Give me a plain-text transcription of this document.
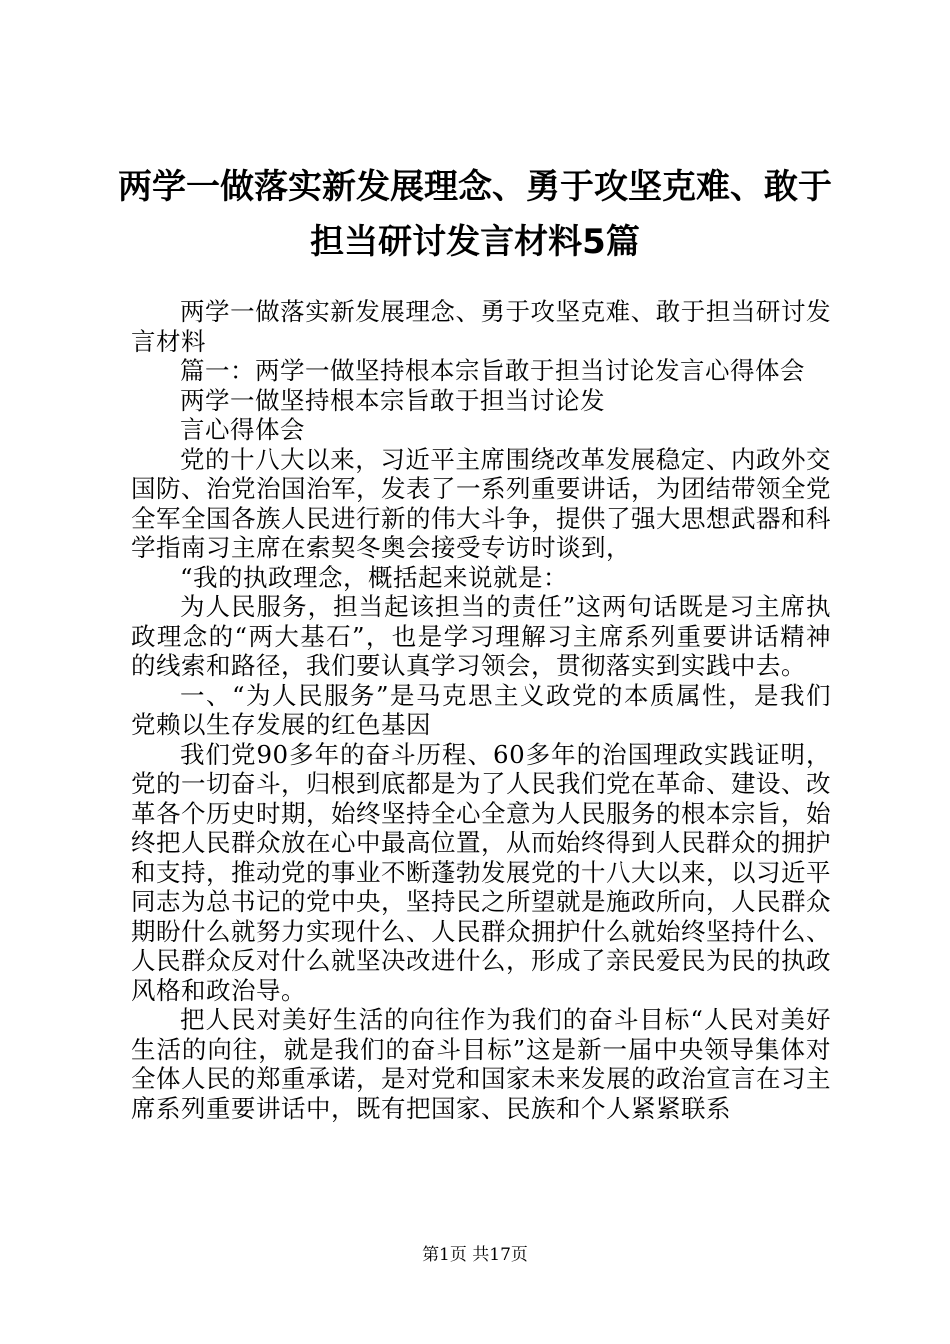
两学一做落实新发展理念、勇于攻坚克难、敢于担当研讨发言材料5篇

两学一做落实新发展理念、勇于攻坚克难、敢于担当研讨发言材料

篇一：两学一做坚持根本宗旨敢于担当讨论发言心得体会

两学一做坚持根本宗旨敢于担当讨论发

言心得体会

党的十八大以来，习近平主席围绕改革发展稳定、内政外交国防、治党治国治军，发表了一系列重要讲话，为团结带领全党全军全国各族人民进行新的伟大斗争，提供了强大思想武器和科学指南习主席在索契冬奥会接受专访时谈到，

“我的执政理念，概括起来说就是：

为人民服务，担当起该担当的责任”这两句话既是习主席执政理念的“两大基石”，也是学习理解习主席系列重要讲话精神的线索和路径，我们要认真学习领会，贯彻落实到实践中去。

一、“为人民服务”是马克思主义政党的本质属性，是我们党赖以生存发展的红色基因

我们党90多年的奋斗历程、60多年的治国理政实践证明，党的一切奋斗，归根到底都是为了人民我们党在革命、建设、改革各个历史时期，始终坚持全心全意为人民服务的根本宗旨，始终把人民群众放在心中最高位置，从而始终得到人民群众的拥护和支持，推动党的事业不断蓬勃发展党的十八大以来，以习近平同志为总书记的党中央，坚持民之所望就是施政所向，人民群众期盼什么就努力实现什么、人民群众拥护什么就始终坚持什么、人民群众反对什么就坚决改进什么，形成了亲民爱民为民的执政风格和政治导。

把人民对美好生活的向往作为我们的奋斗目标“人民对美好生活的向往，就是我们的奋斗目标”这是新一届中央领导集体对全体人民的郑重承诺，是对党和国家未来发展的政治宣言在习主席系列重要讲话中，既有把国家、民族和个人紧紧联系

第1页 共17页
